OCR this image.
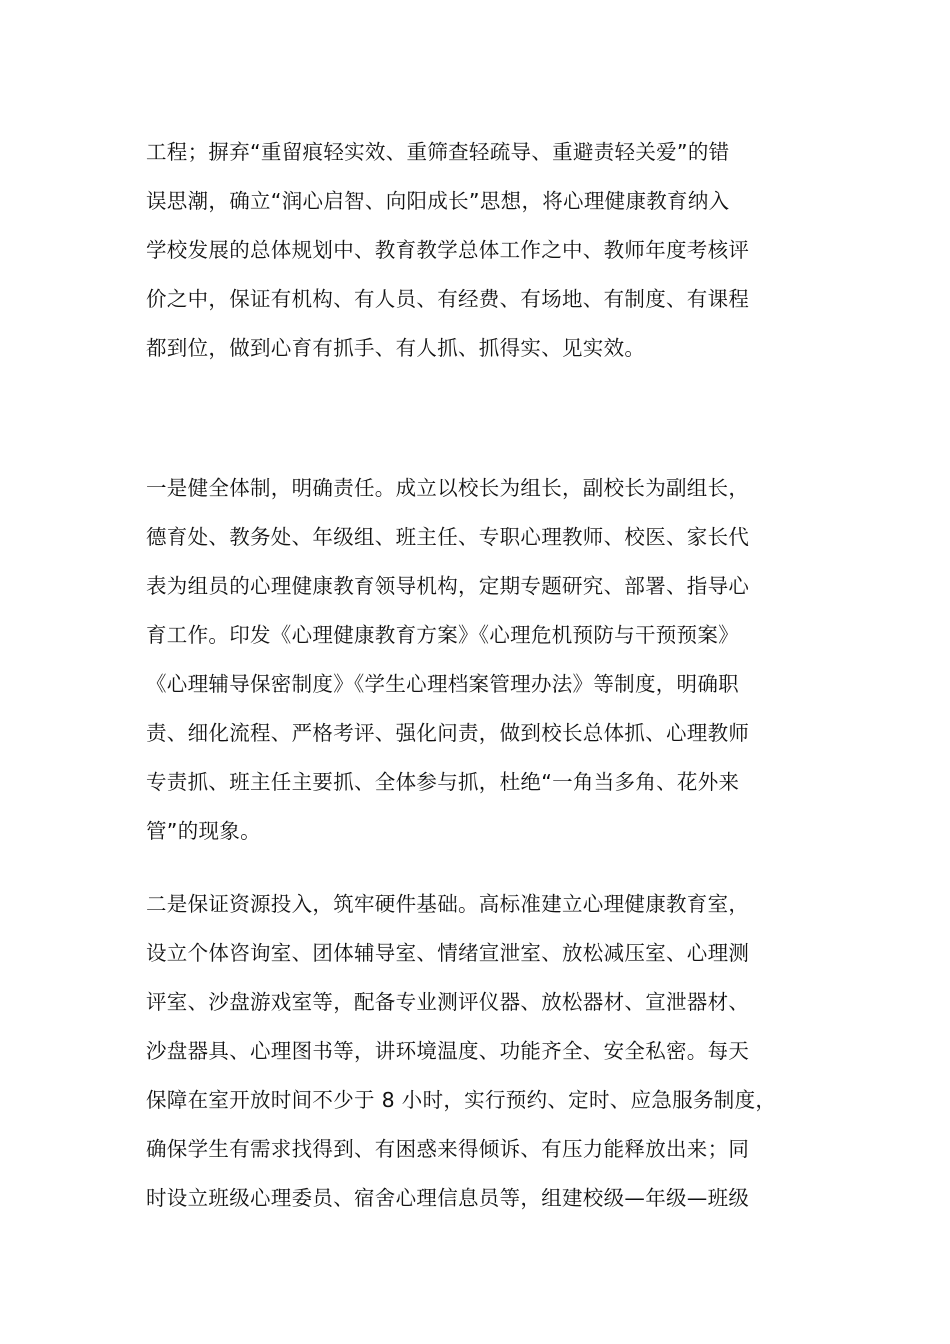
工程；摒弃“重留痕轻实效、重筛查轻疏导、重避责轻关爱”的错
误思潮，确立“润心启智、向阳成长”思想，将心理健康教育纳入
学校发展的总体规划中、教育教学总体工作之中、教师年度考核评
价之中，保证有机构、有人员、有经费、有场地、有制度、有课程
都到位，做到心育有抓手、有人抓、抓得实、见实效。
一是健全体制，明确责任。成立以校长为组长，副校长为副组长，
德育处、教务处、年级组、班主任、专职心理教师、校医、家长代
表为组员的心理健康教育领导机构，定期专题研究、部署、指导心
育工作。印发《心理健康教育方案》《心理危机预防与干预预案》
《心理辅导保密制度》《学生心理档案管理办法》等制度，明确职
责、细化流程、严格考评、强化问责，做到校长总体抓、心理教师
专责抓、班主任主要抓、全体参与抓，杜绝“一角当多角、花外来
管”的现象。
二是保证资源投入，筑牢硬件基础。高标准建立心理健康教育室，
设立个体咨询室、团体辅导室、情绪宣泄室、放松减压室、心理测
评室、沙盘游戏室等，配备专业测评仪器、放松器材、宣泄器材、
沙盘器具、心理图书等，讲环境温度、功能齐全、安全私密。每天
保障在室开放时间不少于 8 小时，实行预约、定时、应急服务制度，
确保学生有需求找得到、有困惑来得倾诉、有压力能释放出来；同
时设立班级心理委员、宿舍心理信息员等，组建校级—年级—班级
